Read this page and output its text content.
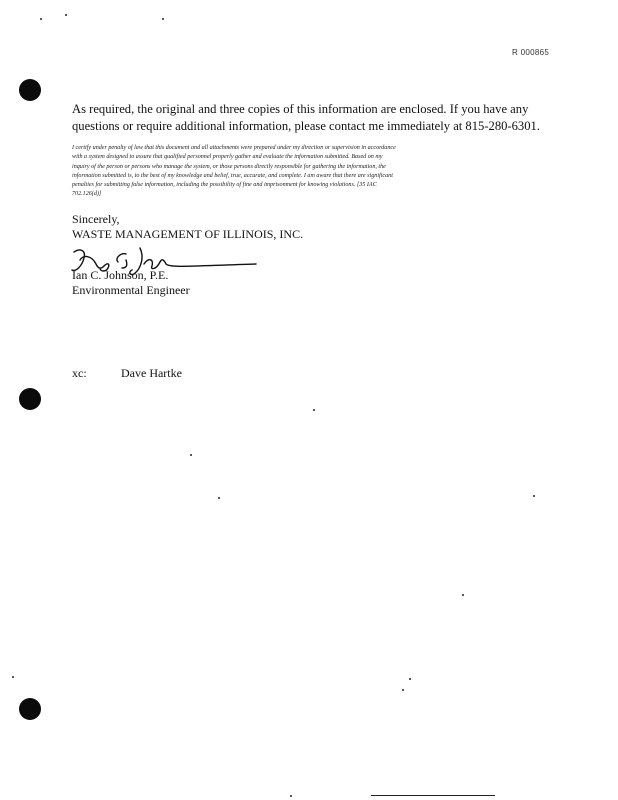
R 000865
As required, the original and three copies of this information are enclosed. If you have any
questions or require additional information, please contact me immediately at 815-280-6301.
I certify under penalty of law that this document and all attachments were prepared under my direction or supervision in accordance
with a system designed to assure that qualified personnel properly gather and evaluate the information submitted. Based on my
inquiry of the person or persons who manage the system, or those persons directly responsible for gathering the information, the
information submitted is, to the best of my knowledge and belief, true, accurate, and complete. I am aware that there are significant
penalties for submitting false information, including the possibility of fine and imprisonment for knowing violations. [35 IAC
702.126(d)]
Sincerely,
WASTE MANAGEMENT OF ILLINOIS, INC.
Ian C. Johnson, P.E.
Environmental Engineer
xc:	Dave Hartke
